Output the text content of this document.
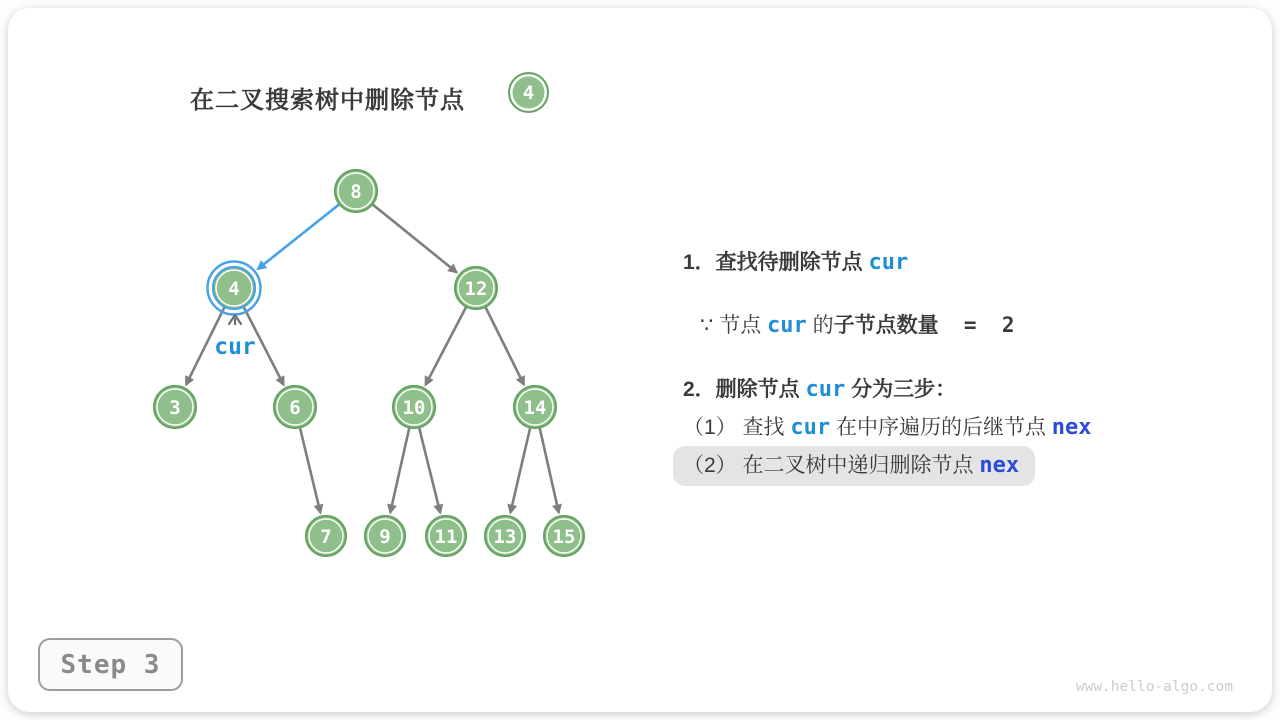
8
4	12
3	6	10	14
7	9 11 13 15
cur
在二叉搜索树中删除节点	4
1．查找待删除节点 cur
∵ 节点 cur 的子节点数量  =  2
2．删除节点 cur 分为三步：
（1） 查找 cur 在中序遍历的后继节点 nex
（2） 在二叉树中递归删除节点 nex
Step 3
www.hello-algo.com
